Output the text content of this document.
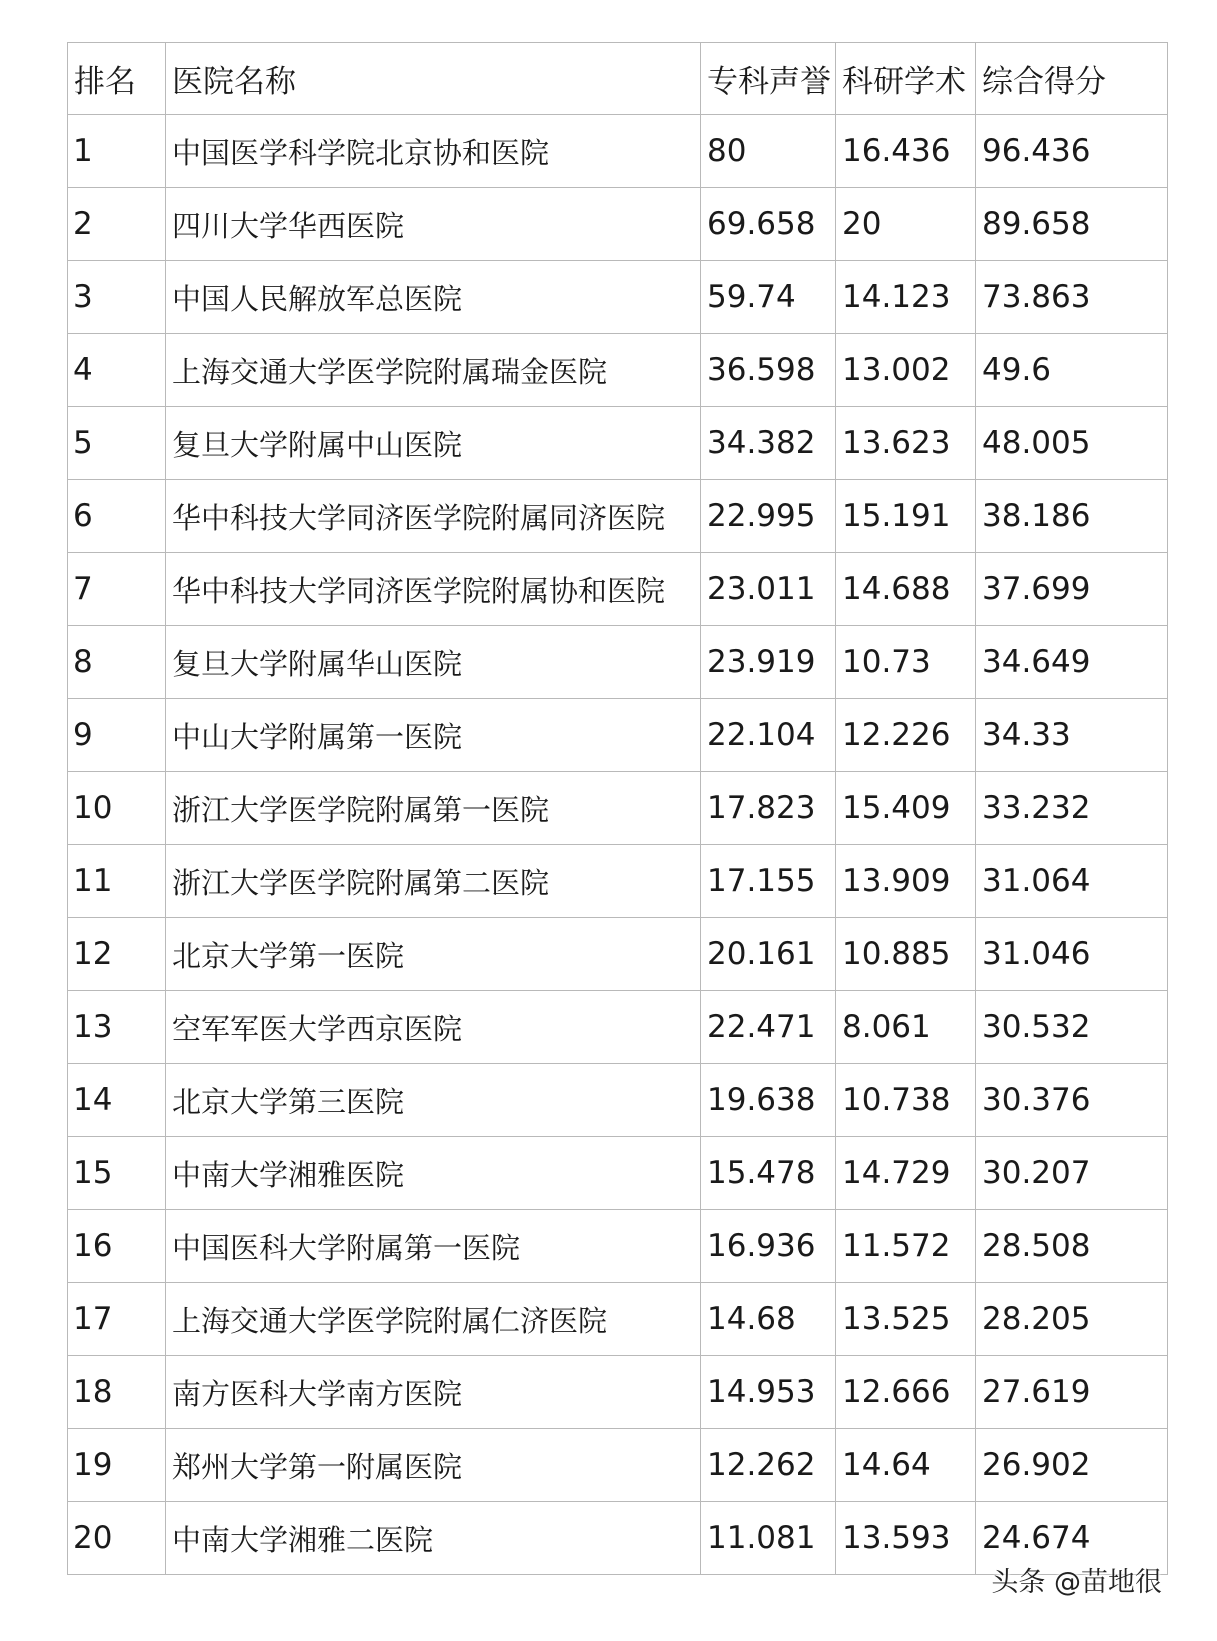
排名	医院名称	专科声誉	科研学术	综合得分
1	中国医学科学院北京协和医院	80	16.436	96.436
2	四川大学华西医院	69.658	20	89.658
3	中国人民解放军总医院	59.74	14.123	73.863
4	上海交通大学医学院附属瑞金医院	36.598	13.002	49.6
5	复旦大学附属中山医院	34.382	13.623	48.005
6	华中科技大学同济医学院附属同济医院	22.995	15.191	38.186
7	华中科技大学同济医学院附属协和医院	23.011	14.688	37.699
8	复旦大学附属华山医院	23.919	10.73	34.649
9	中山大学附属第一医院	22.104	12.226	34.33
10	浙江大学医学院附属第一医院	17.823	15.409	33.232
11	浙江大学医学院附属第二医院	17.155	13.909	31.064
12	北京大学第一医院	20.161	10.885	31.046
13	空军军医大学西京医院	22.471	8.061	30.532
14	北京大学第三医院	19.638	10.738	30.376
15	中南大学湘雅医院	15.478	14.729	30.207
16	中国医科大学附属第一医院	16.936	11.572	28.508
17	上海交通大学医学院附属仁济医院	14.68	13.525	28.205
18	南方医科大学南方医院	14.953	12.666	27.619
19	郑州大学第一附属医院	12.262	14.64	26.902
20	中南大学湘雅二医院	11.081	13.593	24.674
头条 @苗地很
